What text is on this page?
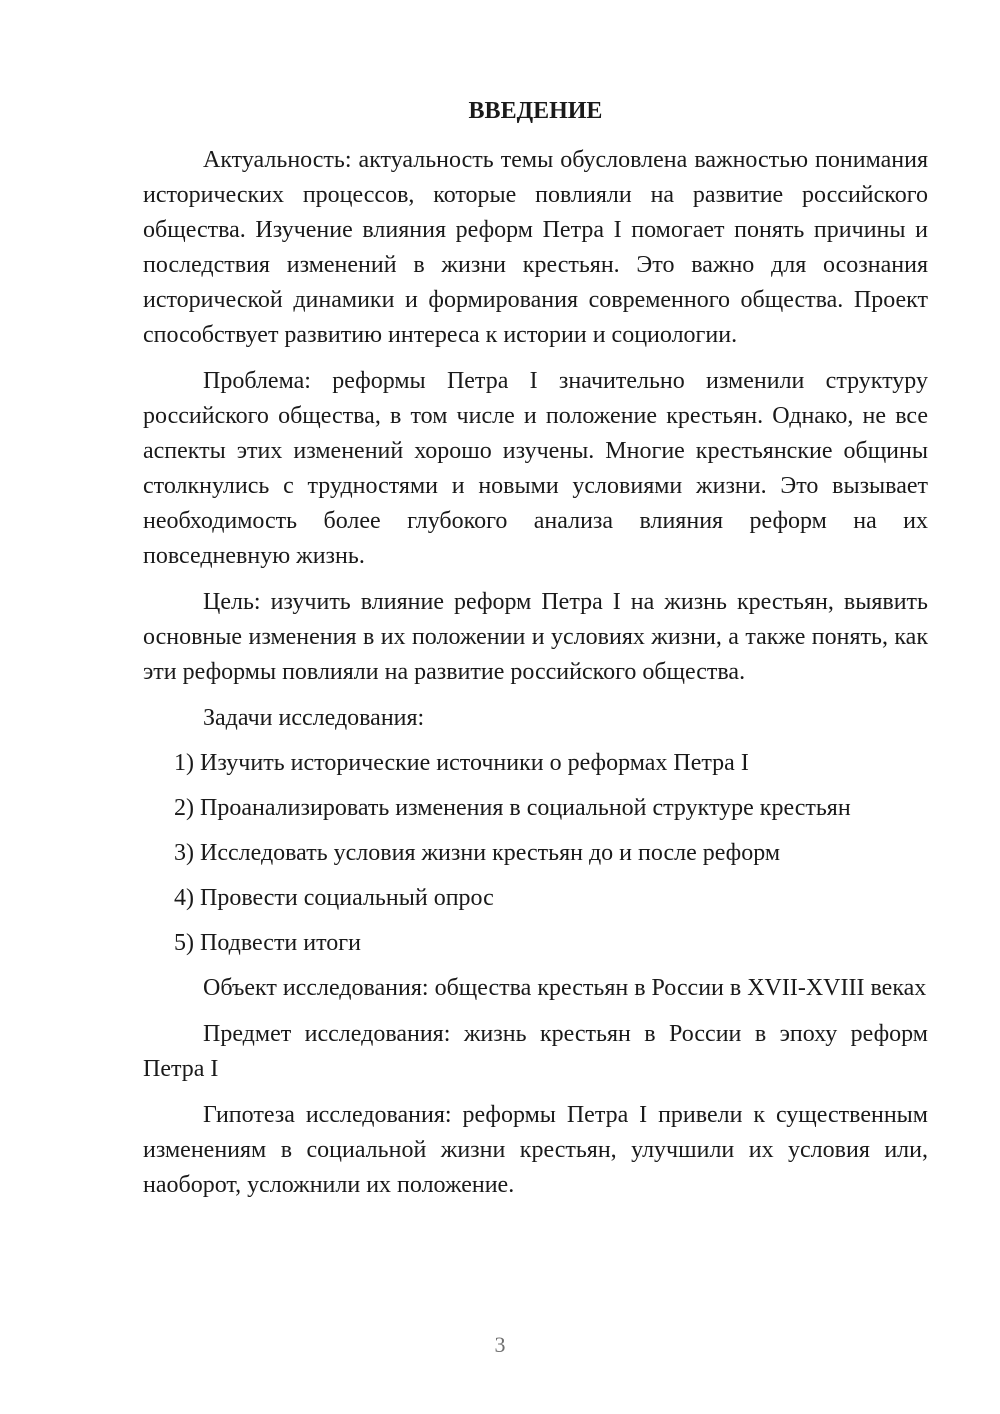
ВВЕДЕНИЕ

Актуальность: актуальность темы обусловлена важностью понимания исторических процессов, которые повлияли на развитие российского общества. Изучение влияния реформ Петра I помогает понять причины и последствия изменений в жизни крестьян. Это важно для осознания исторической динамики и формирования современного общества. Проект способствует развитию интереса к истории и социологии.

Проблема: реформы Петра I значительно изменили структуру российского общества, в том числе и положение крестьян. Однако, не все аспекты этих изменений хорошо изучены. Многие крестьянские общины столкнулись с трудностями и новыми условиями жизни. Это вызывает необходимость более глубокого анализа влияния реформ на их повседневную жизнь.

Цель: изучить влияние реформ Петра I на жизнь крестьян, выявить основные изменения в их положении и условиях жизни, а также понять, как эти реформы повлияли на развитие российского общества.

Задачи исследования:
1) Изучить исторические источники о реформах Петра I
2) Проанализировать изменения в социальной структуре крестьян
3) Исследовать условия жизни крестьян до и после реформ
4) Провести социальный опрос
5) Подвести итоги

Объект исследования: общества крестьян в России в XVII-XVIII веках

Предмет исследования: жизнь крестьян в России в эпоху реформ Петра I

Гипотеза исследования: реформы Петра I привели к существенным изменениям в социальной жизни крестьян, улучшили их условия или, наоборот, усложнили их положение.

3
